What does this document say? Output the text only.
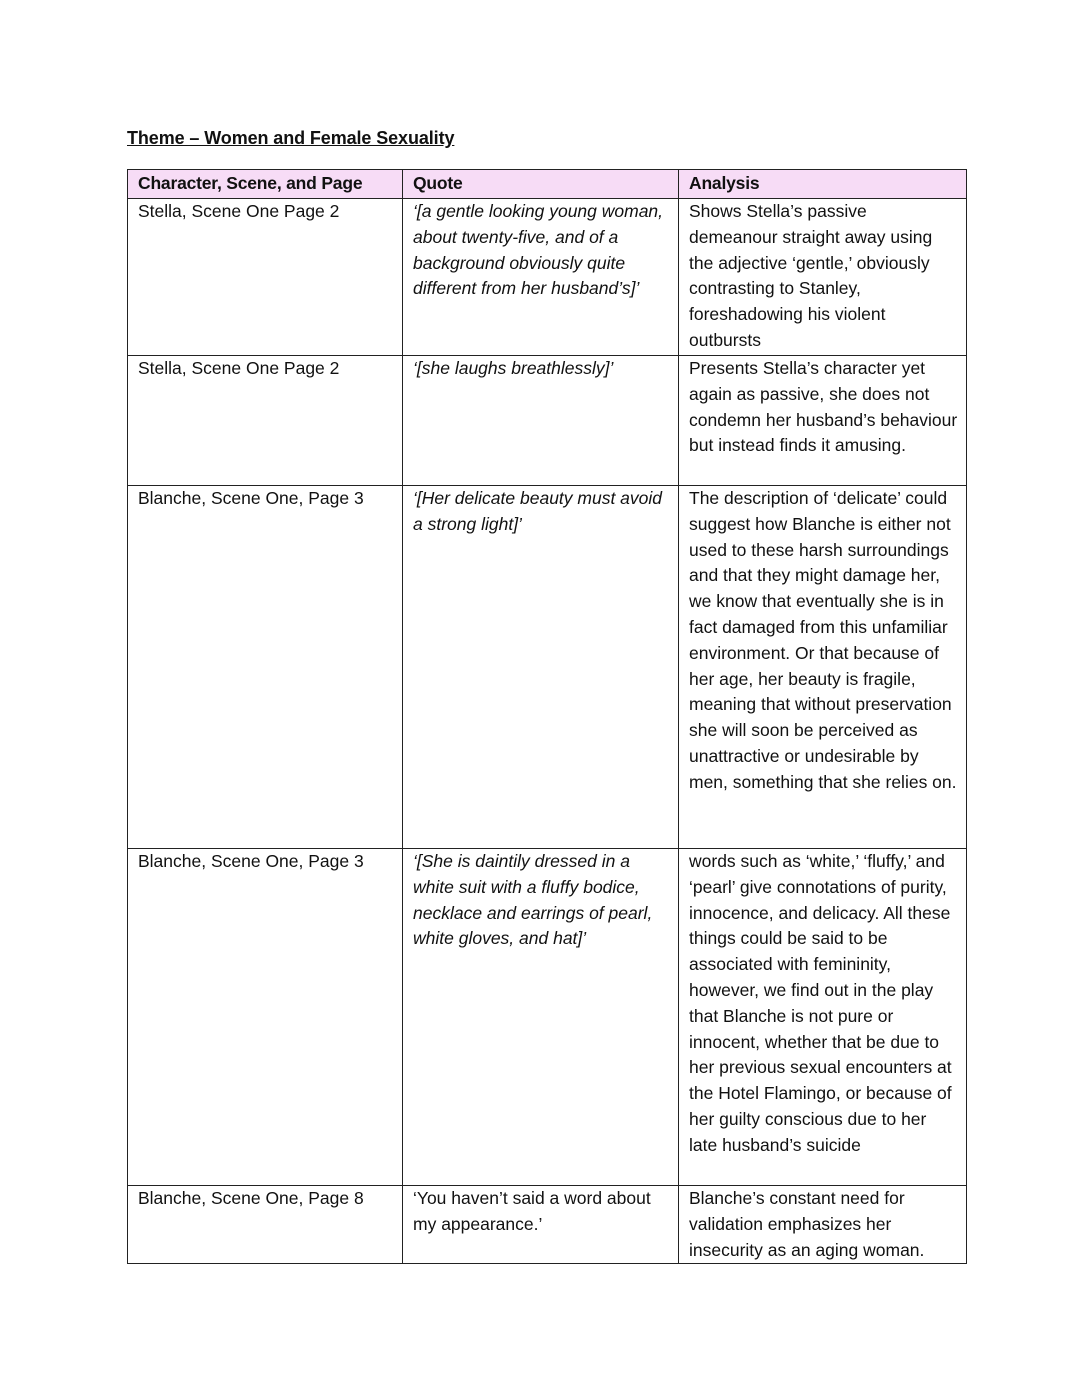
Theme – Women and Female Sexuality
Character, Scene, and Page	Quote	Analysis
Stella, Scene One Page 2	‘[a gentle looking young woman, about twenty-five, and of a background obviously quite different from her husband’s]’	Shows Stella’s passive demeanour straight away using the adjective ‘gentle,’ obviously contrasting to Stanley, foreshadowing his violent outbursts
Stella, Scene One Page 2	‘[she laughs breathlessly]’	Presents Stella’s character yet again as passive, she does not condemn her husband’s behaviour but instead finds it amusing.
Blanche, Scene One, Page 3	‘[Her delicate beauty must avoid a strong light]’	The description of ‘delicate’ could suggest how Blanche is either not used to these harsh surroundings and that they might damage her, we know that eventually she is in fact damaged from this unfamiliar environment. Or that because of her age, her beauty is fragile, meaning that without preservation she will soon be perceived as unattractive or undesirable by men, something that she relies on.
Blanche, Scene One, Page 3	‘[She is daintily dressed in a white suit with a fluffy bodice, necklace and earrings of pearl, white gloves, and hat]’	words such as ‘white,’ ‘fluffy,’ and ‘pearl’ give connotations of purity, innocence, and delicacy. All these things could be said to be associated with femininity, however, we find out in the play that Blanche is not pure or innocent, whether that be due to her previous sexual encounters at the Hotel Flamingo, or because of her guilty conscious due to her late husband’s suicide
Blanche, Scene One, Page 8	‘You haven’t said a word about my appearance.’	Blanche’s constant need for validation emphasizes her insecurity as an aging woman.
